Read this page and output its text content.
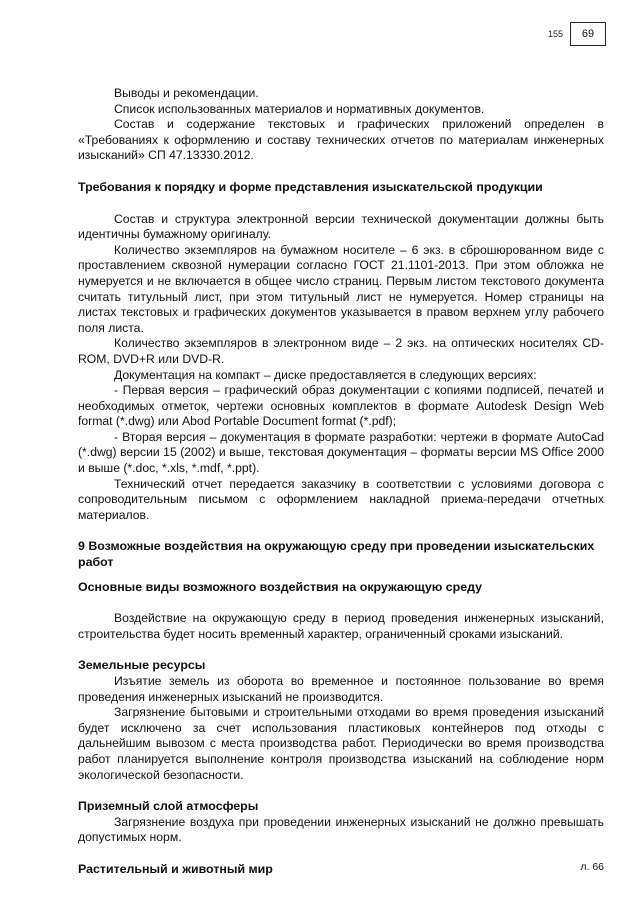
155	69

Выводы и рекомендации.

Список использованных материалов и нормативных документов.

Состав и содержание текстовых и графических приложений определен в «Требованиях к оформлению и составу технических отчетов по материалам инженерных изысканий» СП 47.13330.2012.

Требования к порядку и форме представления изыскательской продукции

Состав и структура электронной версии технической документации должны быть идентичны бумажному оригиналу.

Количество экземпляров на бумажном носителе – 6 экз. в сброшюрованном виде с проставлением сквозной нумерации согласно ГОСТ 21.1101-2013. При этом обложка не нумеруется и не включается в общее число страниц. Первым листом текстового документа считать титульный лист, при этом титульный лист не нумеруется. Номер страницы на листах текстовых и графических документов указывается в правом верхнем углу рабочего поля листа.

Количество экземпляров в электронном виде – 2 экз. на оптических носителях CD-ROM, DVD+R или DVD-R.

Документация на компакт – диске предоставляется в следующих версиях:

- Первая версия – графический образ документации с копиями подписей, печатей и необходимых отметок, чертежи основных комплектов в формате Autodesk Design Web format (*.dwg) или Abod Portable Document format (*.pdf);

- Вторая версия – документация в формате разработки: чертежи в формате AutoCad (*.dwg) версии 15 (2002) и выше, текстовая документация – форматы версии MS Office 2000 и выше (*.doc, *.xls, *.mdf, *.ppt).

Технический отчет передается заказчику в соответствии с условиями договора с сопроводительным письмом с оформлением накладной приема-передачи отчетных материалов.

9 Возможные воздействия на окружающую среду при проведении изыскательских работ
Основные виды возможного воздействия на окружающую среду

Воздействие на окружающую среду в период проведения инженерных изысканий, строительства будет носить временный характер, ограниченный сроками изысканий.

Земельные ресурсы

Изъятие земель из оборота во временное и постоянное пользование во время проведения инженерных изысканий не производится.

Загрязнение бытовыми и строительными отходами во время проведения изысканий будет исключено за счет использования пластиковых контейнеров под отходы с дальнейшим вывозом с места производства работ. Периодически во время производства работ планируется выполнение контроля производства изысканий на соблюдение норм экологической безопасности.

Приземный слой атмосферы

Загрязнение воздуха при проведении инженерных изысканий не должно превышать допустимых норм.

Растительный и животный мир	л. 66
